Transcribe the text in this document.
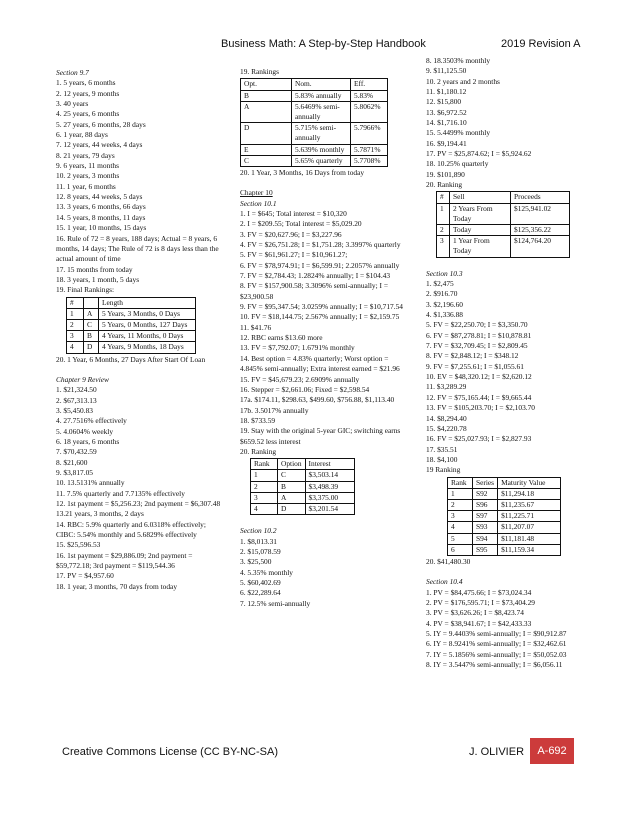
Business Math: A Step-by-Step Handbook	2019 Revision A
Section 9.7
1. 5 years, 6 months
2. 12 years, 9 months
3. 40 years
4. 25 years, 6 months
5. 27 years, 6 months, 28 days
6. 1 year, 88 days
7. 12 years, 44 weeks, 4 days
8. 21 years, 79 days
9. 6 years, 11 months
10. 2 years, 3 months
11. 1 year, 6 months
12. 8 years, 44 weeks, 5 days
13. 3 years, 6 months, 66 days
14. 5 years, 8 months, 11 days
15. 1 year, 10 months, 15 days
16. Rule of 72 = 8 years, 188 days; Actual = 8 years, 6 months, 14 days; The Rule of 72 is 8 days less than the actual amount of time
17. 15 months from today
18. 3 years, 1 month, 5 days
19. Final Rankings:
#		Length
1	A	5 Years, 3 Months, 0 Days
2	C	5 Years, 0 Months, 127 Days
3	B	4 Years, 11 Months, 0 Days
4	D	4 Years, 9 Months, 18 Days
20. 1 Year, 6 Months, 27 Days After Start Of Loan
Chapter 9 Review
1. $21,324.50
2. $67,313.13
3. $5,450.83
4. 27.7516% effectively
5. 4.0604% weekly
6. 18 years, 6 months
7. $70,432.59
8. $21,600
9. $3,817.05
10. 13.5131% annually
11. 7.5% quarterly and 7.7135% effectively
12. 1st payment = $5,256.23; 2nd payment = $6,307.48
13.21 years, 3 months, 2 days
14. RBC: 5.9% quarterly and 6.0318% effectively; CIBC: 5.54% monthly and 5.6829% effectively
15. $25,596.53
16. 1st payment = $29,886.09; 2nd payment = $59,772.18; 3rd payment = $119,544.36
17. PV = $4,957.60
18. 1 year, 3 months, 70 days from today
19. Rankings
Opt.	Nom.	Eff.
B	5.83% annually	5.83%
A	5.6469% semi-annually	5.8062%
D	5.715% semi-annually	5.7966%
E	5.639% monthly	5.7871%
C	5.65% quarterly	5.7708%
20. 1 Year, 3 Months, 16 Days from today
Chapter 10
Section 10.1
1. I = $645; Total interest = $10,320
2. I = $209.55; Total interest = $5,029.20
3. FV = $20,627.96; I = $3,227.96
4. FV = $26,751.28; I = $1,751.28; 3.3997% quarterly
5. FV = $61,961.27; I = $10,961.27;
6. FV = $78,974.91; I = $6,599.91; 2.2057% annually
7. FV = $2,784.43; 1.2824% annually; I = $104.43
8. FV = $157,900.58; 3.3096% semi-annually; I = $23,900.58
9. FV = $95,347.54; 3.0259% annually; I = $10,717.54
10. FV = $18,144.75; 2.567% annually; I = $2,159.75
11. $41.76
12. RBC earns $13.60 more
13. FV = $7,792.07; 1.6791% monthly
14. Best option = 4.83% quarterly; Worst option = 4.845% semi-annually; Extra interest earned = $21.96
15. FV = $45,679.23; 2.6909% annually
16. Stepper = $2,661.06; Fixed = $2,598.54
17a. $174.11, $298.63, $499.60, $756.88, $1,113.40
17b. 3.5017% annually
18. $733.59
19. Stay with the original 5-year GIC; switching earns $659.52 less interest
20. Ranking
Rank	Option	Interest
1	C	$3,503.14
2	B	$3,498.39
3	A	$3,375.00
4	D	$3,201.54
Section 10.2
1. $8,013.31
2. $15,078.59
3. $25,500
4. 5.35% monthly
5. $60,402.69
6. $22,289.64
7. 12.5% semi-annually
8. 18.3503% monthly
9. $11,125.50
10. 2 years and 2 months
11. $1,180.12
12. $15,800
13. $6,972.52
14. $1,716.10
15. 5.4499% monthly
16. $9,194.41
17. PV = $25,874.62; I = $5,924.62
18. 10.25% quarterly
19. $101,890
20. Ranking
#	Sell	Proceeds
1	2 Years From Today	$125,941.02
2	Today	$125,356.22
3	1 Year From Today	$124,764.20
Section 10.3
1. $2,475
2. $916.70
3. $2,196.60
4. $1,336.88
5. FV = $22,250.70; I = $3,350.70
6. FV = $87,278.81; I = $10,878.81
7. FV = $32,709.45; I = $2,809.45
8. FV = $2,848.12; I = $348.12
9. FV = $7,255.61; I = $1,055.61
10. EV = $48,320.12; I = $2,620.12
11. $3,289.29
12. FV = $75,165.44; I = $9,665.44
13. FV = $105,203.70; I = $2,103.70
14. $8,294.40
15. $4,220.78
16. FV = $25,027.93; I = $2,827.93
17. $35.51
18. $4,100
19 Ranking
Rank	Series	Maturity Value
1	S92	$11,294.18
2	S96	$11,235.67
3	S97	$11,225.71
4	S93	$11,207.07
5	S94	$11,181.48
6	S95	$11,159.34
20. $41,480.30
Section 10.4
1. PV = $84,475.66; I = $73,024.34
2. PV = $176,595.71; I = $73,404.29
3. PV = $3,626.26; I = $8,423.74
4. PV = $38,941.67; I = $42,433.33
5. IY = 9.4403% semi-annually; I = $90,912.87
6. IY = 8.9241% semi-annually; I = $32,462.61
7. IY = 5.1856% semi-annually; I = $50,052.03
8. IY = 3.5447% semi-annually; I = $6,056.11
Creative Commons License (CC BY-NC-SA)	J. OLIVIER	A-692
